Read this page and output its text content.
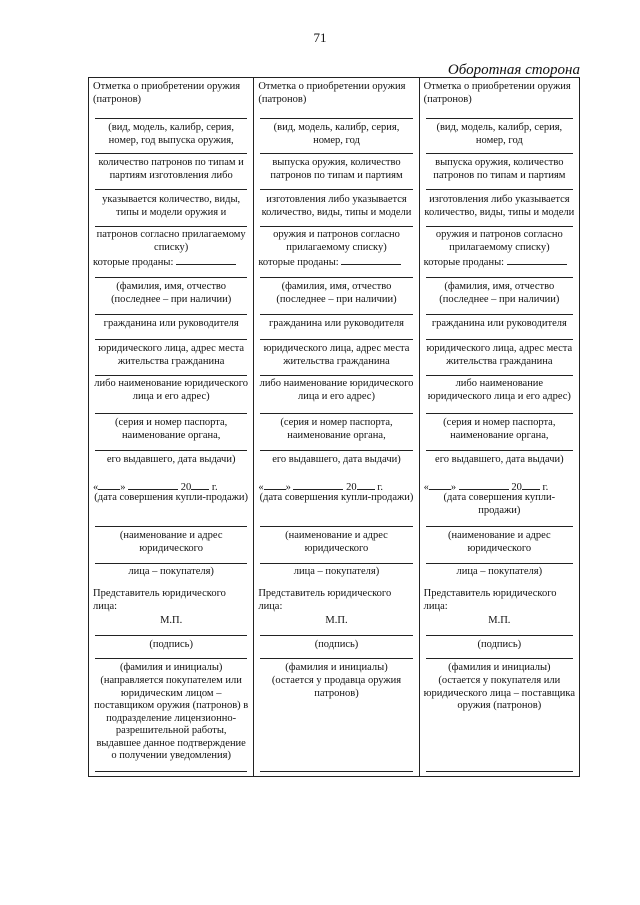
71
Оборотная сторона
Отметка о приобретении оружия (патронов)
(вид, модель, калибр, серия, номер, год выпуска оружия,
количество патронов по типам и партиям изготовления либо
указывается количество, виды, типы и модели оружия и
патронов согласно прилагаемому списку)
которые проданы:
(фамилия, имя, отчество (последнее – при наличии)
гражданина или руководителя
юридического лица, адрес места жительства гражданина
либо наименование юридического лица и его адрес)
(серия и номер паспорта, наименование органа,
его выдавшего, дата выдачи)
« »	20 г.
(дата совершения купли-продажи)
(наименование и адрес юридического
лица – покупателя)
Представитель юридического лица:
М.П.
(подпись)
(фамилия и инициалы)
(направляется покупателем или юридическим лицом – поставщиком оружия (патронов) в подразделение лицензионно-разрешительной работы, выдавшее данное подтверждение о получении уведомления)
Отметка о приобретении оружия (патронов)
(вид, модель, калибр, серия, номер, год
выпуска оружия, количество патронов по типам и партиям
изготовления либо указывается количество, виды, типы и модели
оружия и патронов согласно прилагаемому списку)
которые проданы:
(фамилия, имя, отчество (последнее – при наличии)
гражданина или руководителя
юридического лица, адрес места жительства гражданина
либо наименование юридического лица и его адрес)
(серия и номер паспорта, наименование органа,
его выдавшего, дата выдачи)
« »	20 г.
(дата совершения купли-продажи)
(наименование и адрес юридического
лица – покупателя)
Представитель юридического лица:
М.П.
(подпись)
(фамилия и инициалы)
(остается у продавца оружия патронов)
Отметка о приобретении оружия (патронов)
(вид, модель, калибр, серия, номер, год
выпуска оружия, количество патронов по типам и партиям
изготовления либо указывается количество, виды, типы и модели
оружия и патронов согласно прилагаемому списку)
которые проданы:
(фамилия, имя, отчество (последнее – при наличии)
гражданина или руководителя
юридического лица, адрес места жительства гражданина
либо наименование юридического лица и его адрес)
(серия и номер паспорта, наименование органа,
его выдавшего, дата выдачи)
« »	20 г.
(дата совершения купли-продажи)
(наименование и адрес юридического
лица – покупателя)
Представитель юридического лица:
М.П.
(подпись)
(фамилия и инициалы)
(остается у покупателя или юридического лица – поставщика оружия (патронов)
